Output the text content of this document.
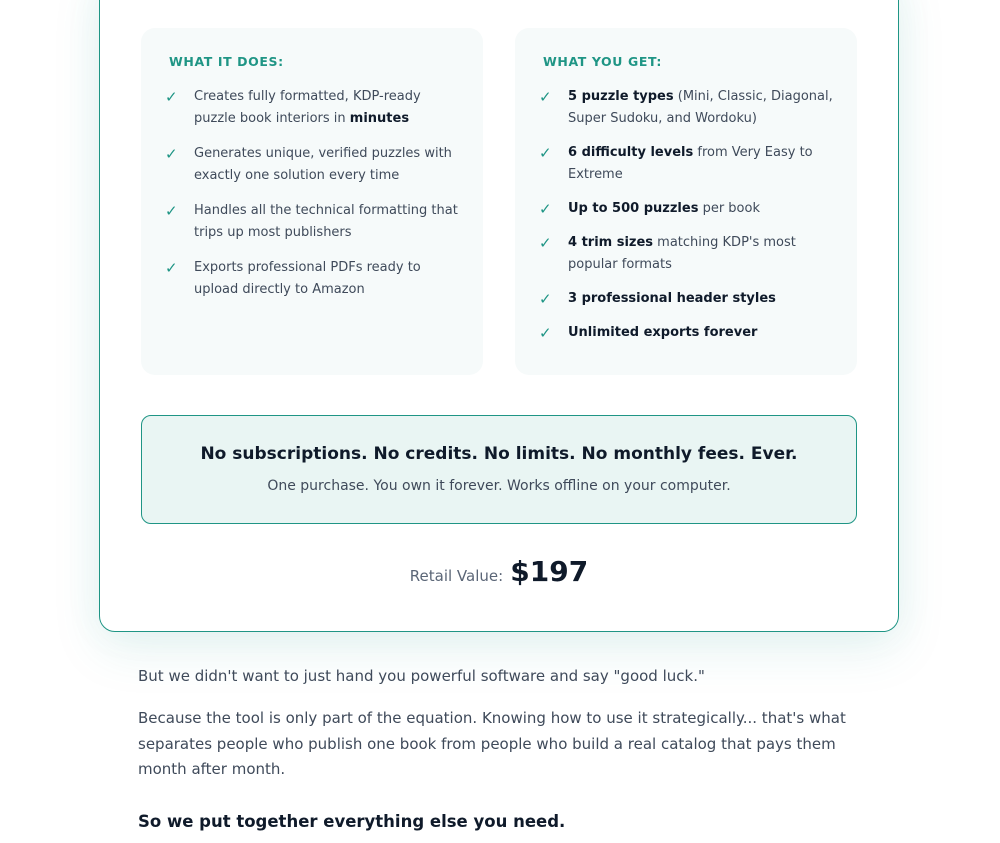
WHAT IT DOES:
✓	Creates fully formatted, KDP-ready puzzle book interiors in minutes
✓	Generates unique, verified puzzles with exactly one solution every time
✓	Handles all the technical formatting that trips up most publishers
✓	Exports professional PDFs ready to upload directly to Amazon
WHAT YOU GET:
✓	5 puzzle types (Mini, Classic, Diagonal, Super Sudoku, and Wordoku)
✓	6 difficulty levels from Very Easy to Extreme
✓	Up to 500 puzzles per book
✓	4 trim sizes matching KDP's most popular formats
✓	3 professional header styles
✓	Unlimited exports forever
No subscriptions. No credits. No limits. No monthly fees. Ever.
One purchase. You own it forever. Works offline on your computer.
Retail Value: $197

But we didn't want to just hand you powerful software and say "good luck."

Because the tool is only part of the equation. Knowing how to use it strategically... that's what separates people who publish one book from people who build a real catalog that pays them month after month.

So we put together everything else you need.
